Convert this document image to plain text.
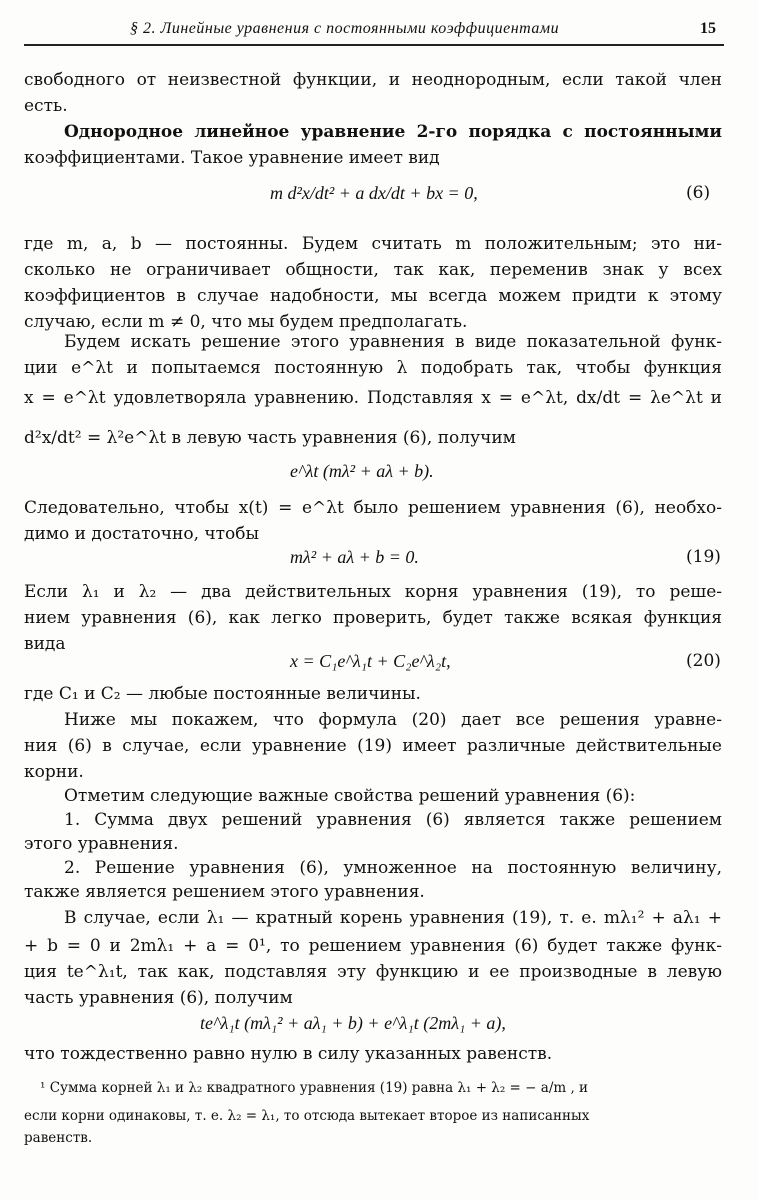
§ 2. Линейные уравнения с постоянными коэффициентами	15
свободного от неизвестной функции, и неоднородным, если такой член
есть.
Однородное линейное уравнение 2-го порядка с постоянными
коэффициентами. Такое уравнение имеет вид
m d²x/dt² + a dx/dt + bx = 0,	(6)
где m, a, b — постоянны. Будем считать m положительным; это ни-
сколько не ограничивает общности, так как, переменив знак у всех
коэффициентов в случае надобности, мы всегда можем придти к этому
случаю, если m ≠ 0, что мы будем предполагать.
Будем искать решение этого уравнения в виде показательной функ-
ции e^λt и попытаемся постоянную λ подобрать так, чтобы функция
x = e^λt удовлетворяла уравнению. Подставляя x = e^λt, dx/dt = λe^λt и
d²x/dt² = λ²e^λt в левую часть уравнения (6), получим
e^λt (mλ² + aλ + b).
Следовательно, чтобы x(t) = e^λt было решением уравнения (6), необхо-
димо и достаточно, чтобы
mλ² + aλ + b = 0.	(19)
Если λ₁ и λ₂ — два действительных корня уравнения (19), то реше-
нием уравнения (6), как легко проверить, будет также всякая функция
вида
x = C₁e^λ₁t + C₂e^λ₂t,	(20)
где C₁ и C₂ — любые постоянные величины.
Ниже мы покажем, что формула (20) дает все решения уравне-
ния (6) в случае, если уравнение (19) имеет различные действительные
корни.
Отметим следующие важные свойства решений уравнения (6):
1. Сумма двух решений уравнения (6) является также решением
этого уравнения.
2. Решение уравнения (6), умноженное на постоянную величину,
также является решением этого уравнения.
В случае, если λ₁ — кратный корень уравнения (19), т. е. mλ₁² + aλ₁ +
+ b = 0 и 2mλ₁ + a = 0¹, то решением уравнения (6) будет также функ-
ция te^λ₁t, так как, подставляя эту функцию и ее производные в левую
часть уравнения (6), получим
te^λ₁t (mλ₁² + aλ₁ + b) + e^λ₁t (2mλ₁ + a),
что тождественно равно нулю в силу указанных равенств.
¹ Сумма корней λ₁ и λ₂ квадратного уравнения (19) равна λ₁ + λ₂ = − a/m , и
если корни одинаковы, т. е. λ₂ = λ₁, то отсюда вытекает второе из написанных
равенств.
